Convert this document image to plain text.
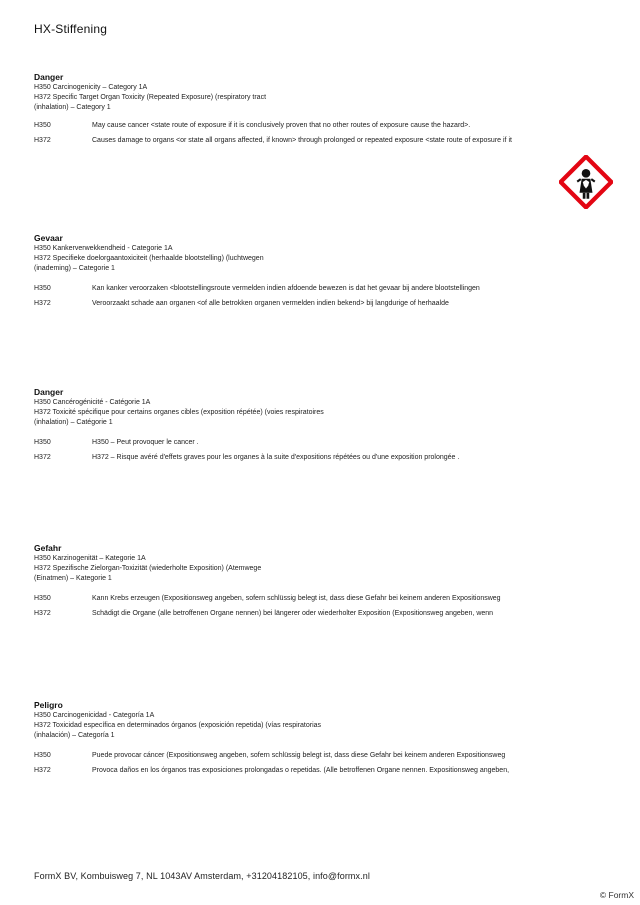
HX-Stiffening
Danger
H350 Carcinogenicity – Category 1A
H372 Specific Target Organ Toxicity (Repeated Exposure) (respiratory tract
(inhalation) – Category 1
H350	May cause cancer <state route of exposure if it is conclusively proven that no other routes of exposure cause the hazard>.
H372	Causes damage to organs <or state all organs affected, if known> through prolonged or repeated exposure <state route of exposure if it
Gevaar
H350 Kankerverwekkendheid - Categorie 1A
H372 Specifieke doelorgaantoxiciteit (herhaalde blootstelling) (luchtwegen
(inademing) – Categorie 1
H350	Kan kanker veroorzaken <blootstellingsroute vermelden indien afdoende bewezen is dat het gevaar bij andere blootstellingen
H372	Veroorzaakt schade aan organen <of alle betrokken organen vermelden indien bekend> bij langdurige of herhaalde
Danger
H350 Cancérogénicité - Catégorie 1A
H372 Toxicité spécifique pour certains organes cibles (exposition répétée) (voies respiratoires
(inhalation) – Catégorie 1
H350	H350 – Peut provoquer le cancer .
H372	H372 – Risque avéré d'effets graves pour les organes à la suite d'expositions répétées ou d'une exposition prolongée .
Gefahr
H350 Karzinogenität – Kategorie 1A
H372 Spezifische Zielorgan-Toxizität (wiederholte Exposition) (Atemwege
(Einatmen) – Kategorie 1
H350	Kann Krebs erzeugen (Expositionsweg angeben, sofern schlüssig belegt ist, dass diese Gefahr bei keinem anderen Expositionsweg
H372	Schädigt die Organe (alle betroffenen Organe nennen) bei längerer oder wiederholter Exposition (Expositionsweg angeben, wenn
Peligro
H350 Carcinogenicidad - Categoría 1A
H372 Toxicidad específica en determinados órganos (exposición repetida) (vías respiratorias
(inhalación) – Categoría 1
H350	Puede provocar cáncer (Expositionsweg angeben, sofern schlüssig belegt ist, dass diese Gefahr bei keinem anderen Expositionsweg
H372	Provoca daños en los órganos tras exposiciones prolongadas o repetidas. (Alle betroffenen Organe nennen. Expositionsweg angeben,
FormX BV, Kombuisweg 7, NL 1043AV Amsterdam, +31204182105, info@formx.nl
© FormX
